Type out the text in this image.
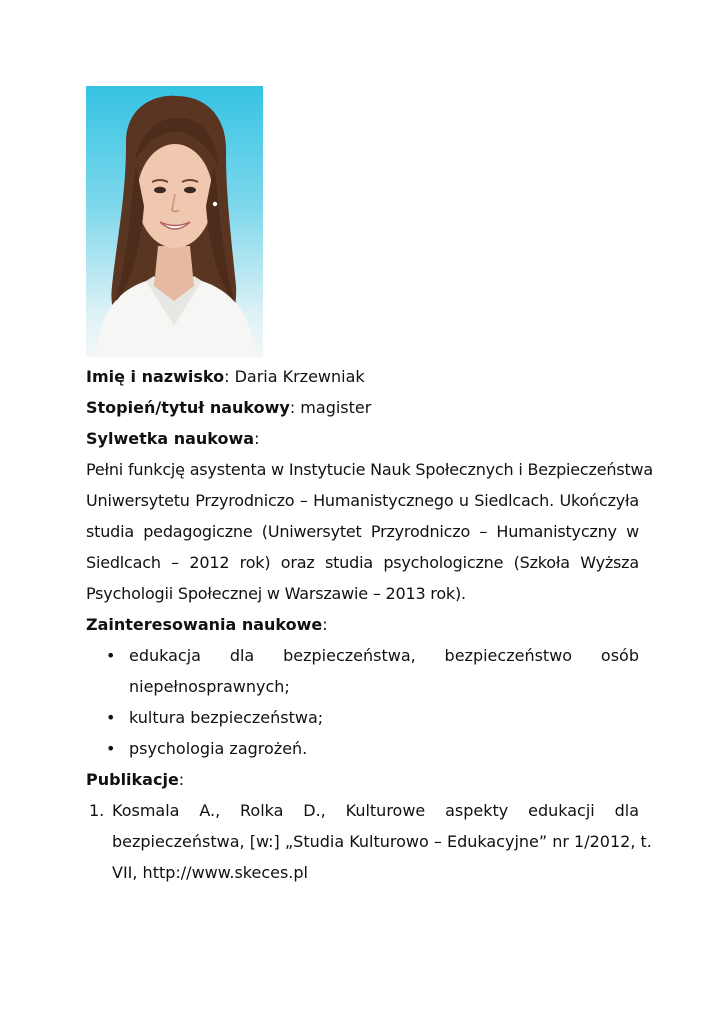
Imię i nazwisko: Daria Krzewniak
Stopień/tytuł naukowy: magister
Sylwetka naukowa:
Pełni funkcję asystenta w Instytucie Nauk Społecznych i Bezpieczeństwa
Uniwersytetu Przyrodniczo – Humanistycznego u Siedlcach. Ukończyła
studia pedagogiczne (Uniwersytet Przyrodniczo – Humanistyczny w
Siedlcach – 2012 rok) oraz studia psychologiczne (Szkoła Wyższa
Psychologii Społecznej w Warszawie – 2013 rok).
Zainteresowania naukowe:
• edukacja dla bezpieczeństwa, bezpieczeństwo osób
niepełnosprawnych;
• kultura bezpieczeństwa;
• psychologia zagrożeń.
Publikacje:
1. Kosmala A., Rolka D., Kulturowe aspekty edukacji dla
bezpieczeństwa, [w:] „Studia Kulturowo – Edukacyjne” nr 1/2012, t.
VII, http://www.skeces.pl
